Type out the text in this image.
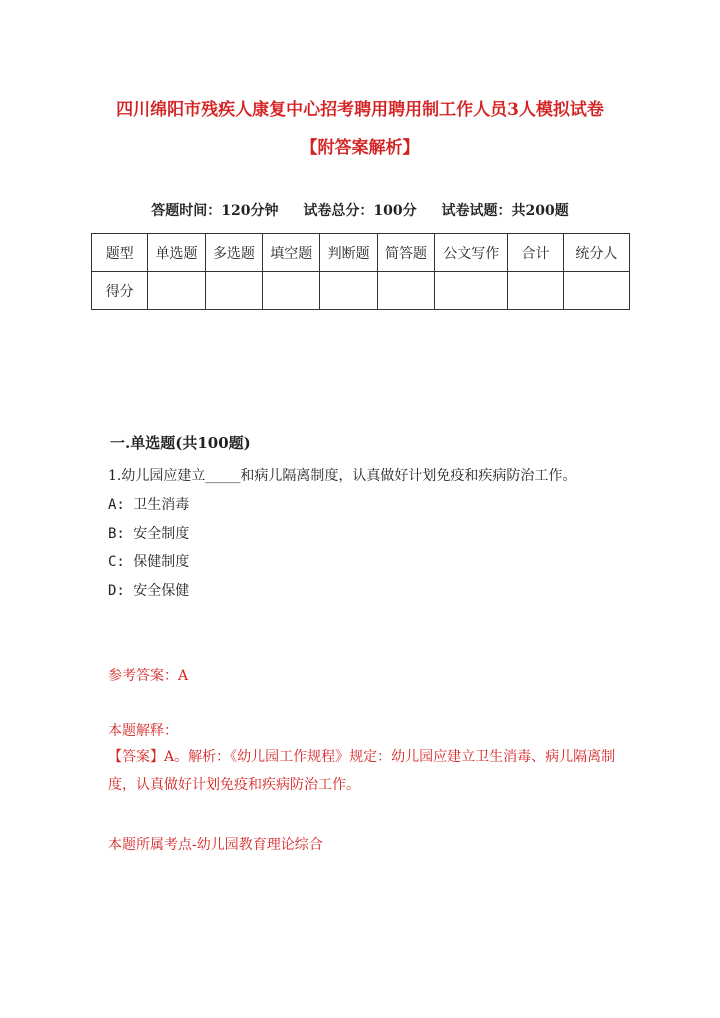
四川绵阳市残疾人康复中心招考聘用聘用制工作人员3人模拟试卷
【附答案解析】
答题时间：120分钟 试卷总分：100分 试卷试题：共200题
题型	单选题	多选题	填空题	判断题	简答题	公文写作	合计	统分人
得分								
一.单选题(共100题)
1.幼儿园应建立_____和病儿隔离制度，认真做好计划免疫和疾病防治工作。
A: 卫生消毒
B: 安全制度
C: 保健制度
D: 安全保健
参考答案：A
本题解释：
【答案】A。解析：《幼儿园工作规程》规定：幼儿园应建立卫生消毒、病儿隔离制度，认真做好计划免疫和疾病防治工作。
本题所属考点-幼儿园教育理论综合
